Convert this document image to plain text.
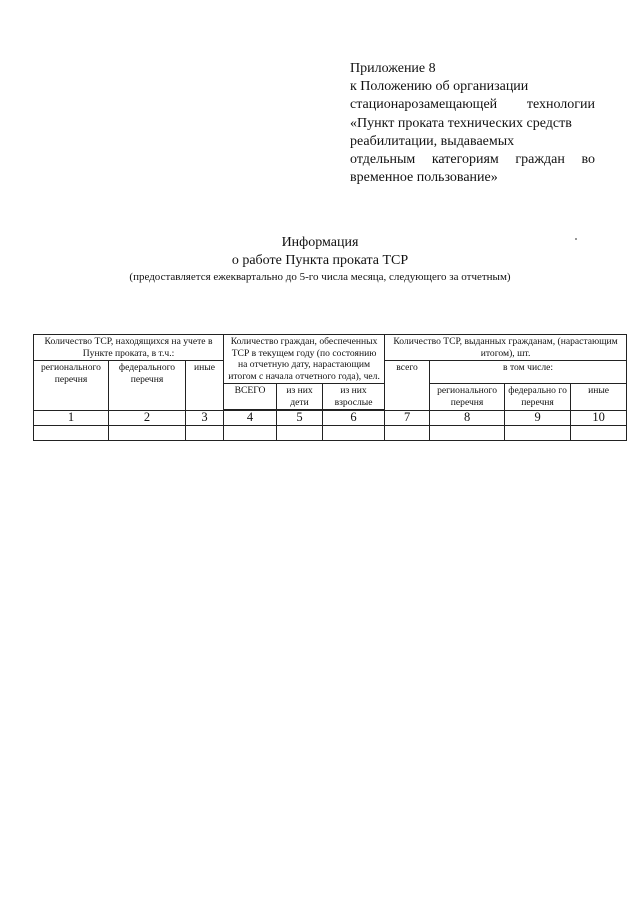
Приложение 8
к Положению об организации
стационарозамещающей технологии
«Пункт проката технических средств
реабилитации, выдаваемых
отдельным категориям граждан во
временное пользование»
Информация
о работе Пункта проката ТСР
(предоставляется ежеквартально до 5-го числа месяца, следующего за отчетным)
Количество ТСР, находящихся на учете в Пункте проката, в т.ч.:			Количество граждан, обеспеченных ТСР в текущем году (по состоянию на отчетную дату, нарастающим итогом с начала отчетного года), чел.			Количество ТСР, выданных гражданам, (нарастающим итогом), шт.			
регионального перечня	федерального перечня	иные				всего	в том числе:		
			ВСЕГО	из них дети	из них взрослые		регионального перечня	федерально го перечня	иные

1	2	3	4	5	6	7	8	9	10
